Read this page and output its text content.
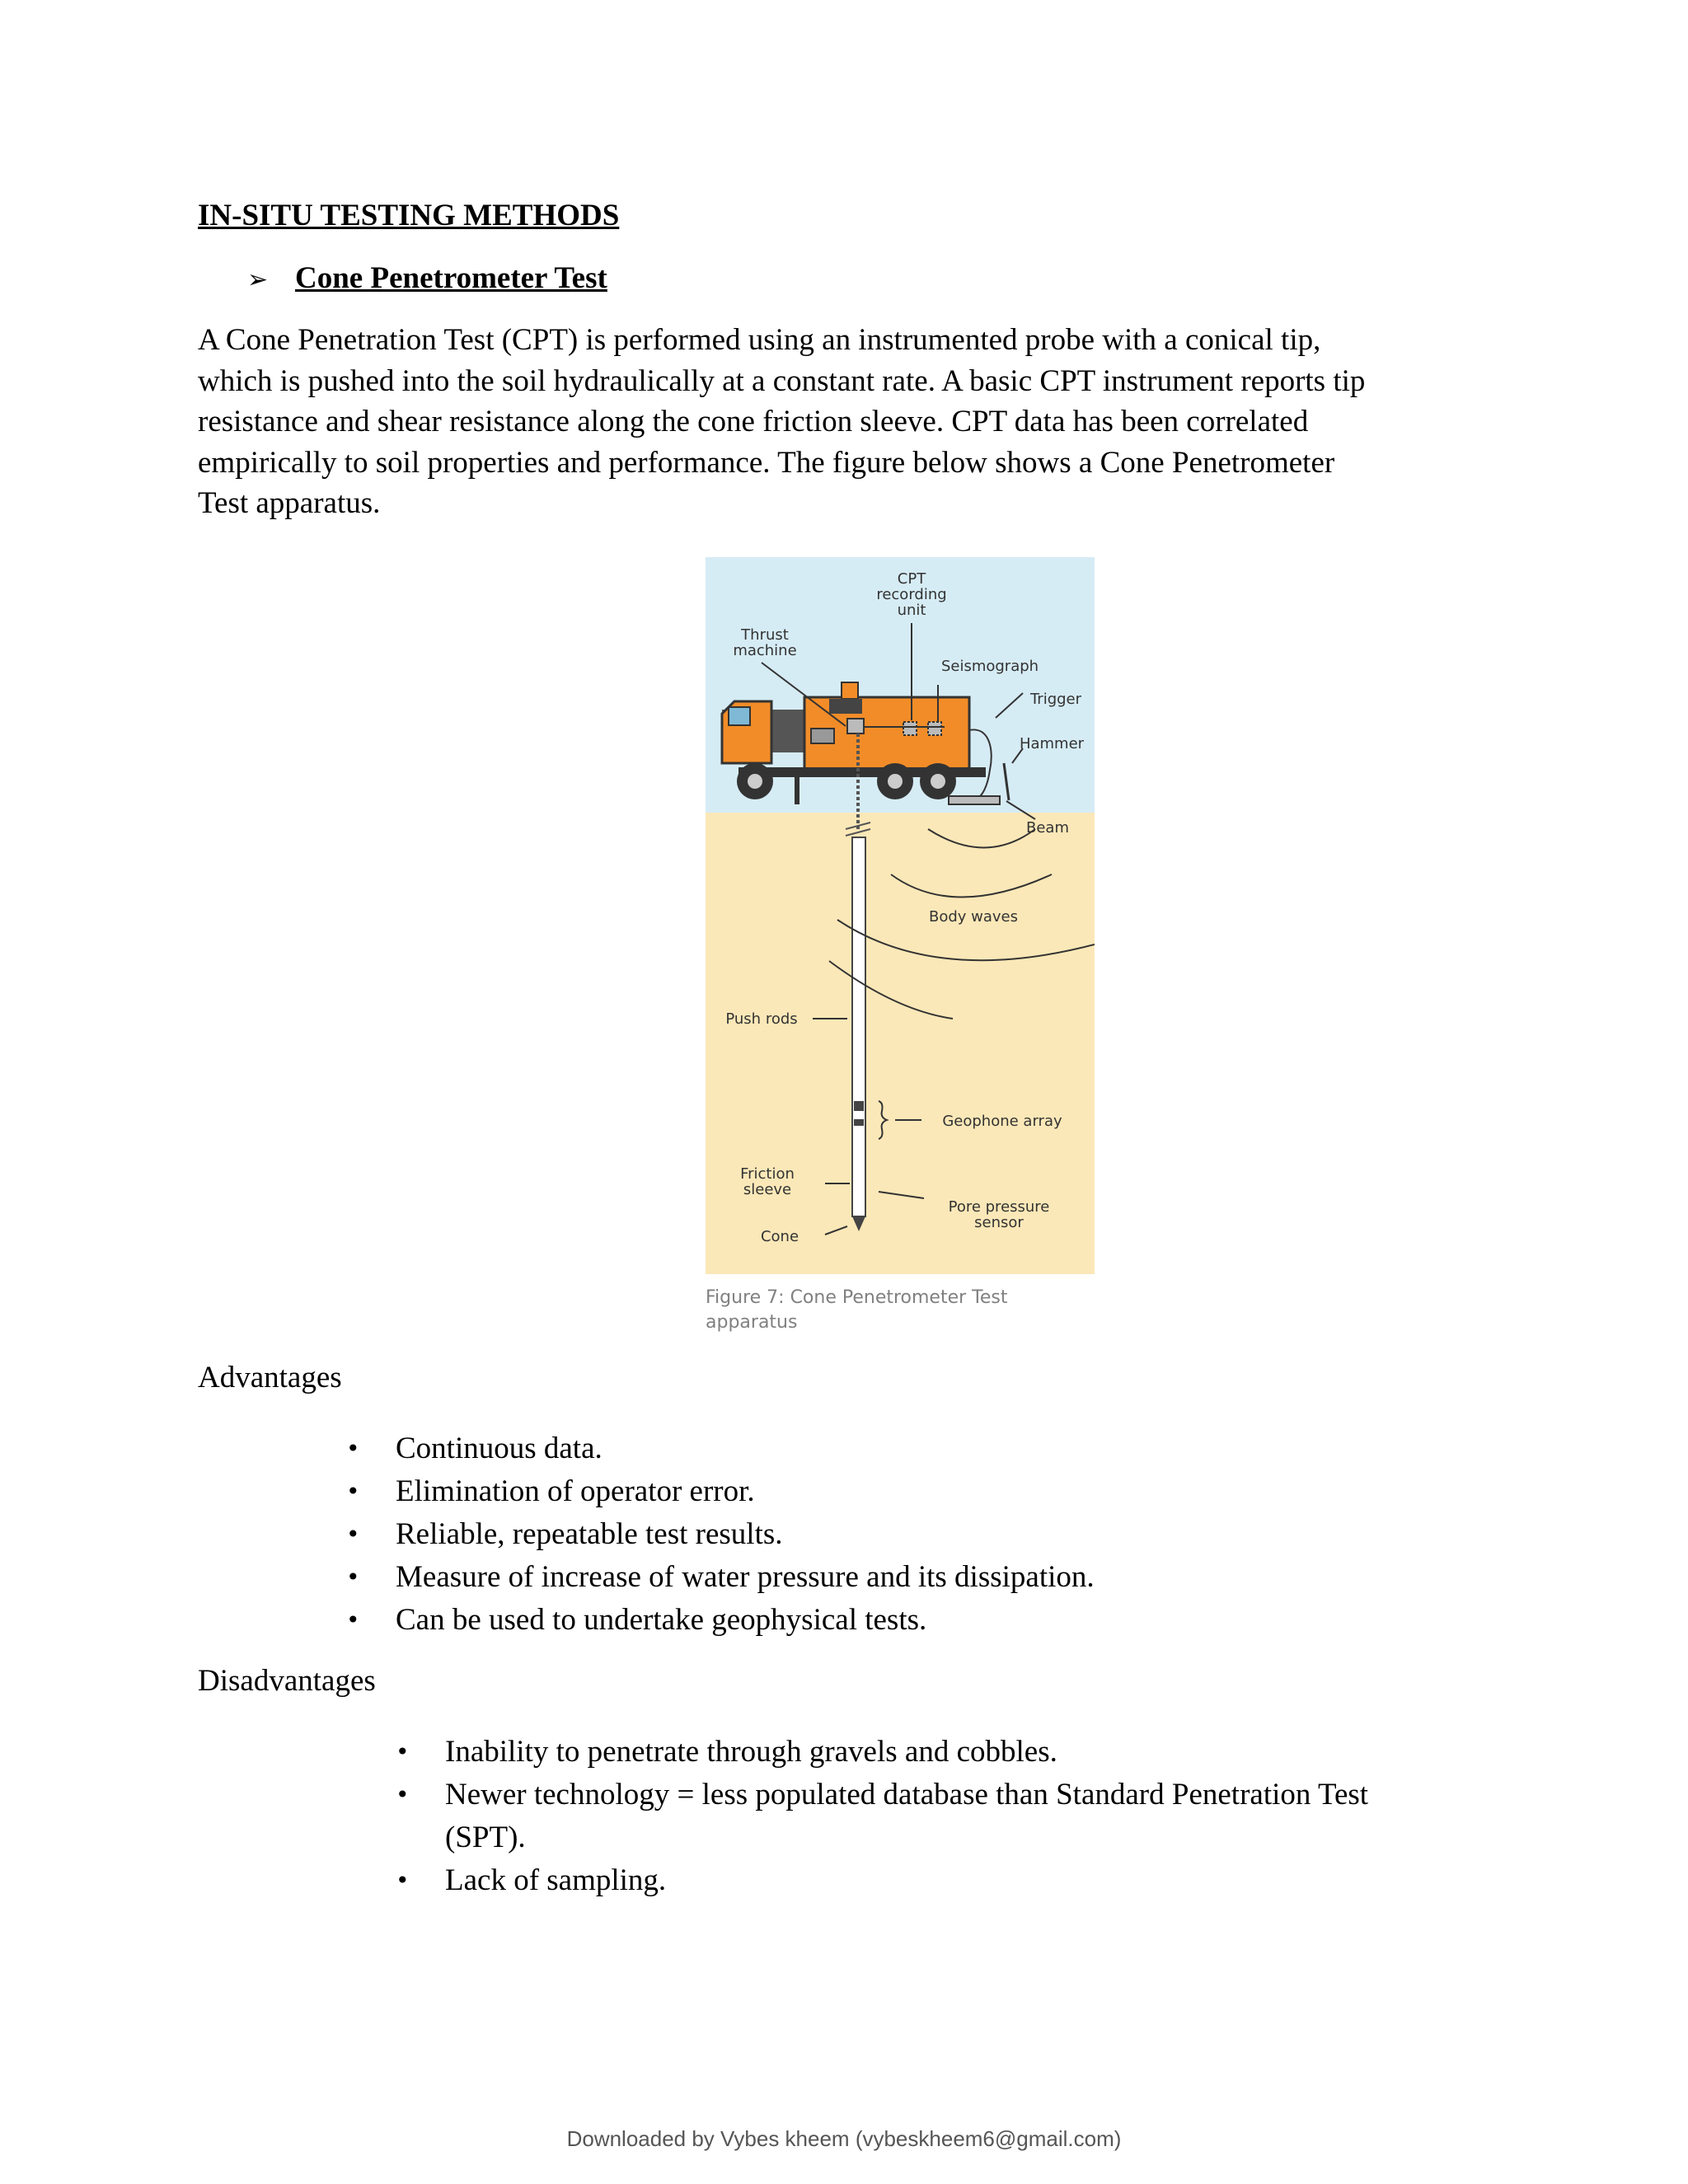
IN-SITU TESTING METHODS
➢ Cone Penetrometer Test
A Cone Penetration Test (CPT) is performed using an instrumented probe with a conical tip,
which is pushed into the soil hydraulically at a constant rate. A basic CPT instrument reports tip
resistance and shear resistance along the cone friction sleeve. CPT data has been correlated
empirically to soil properties and performance. The figure below shows a Cone Penetrometer
Test apparatus.
CPT
recording
unit
Thrust
machine
Seismograph
Trigger
Hammer
Beam
Body waves
Push rods
Geophone array
Friction
sleeve
Pore pressure
sensor
Cone
Figure 7: Cone Penetrometer Test
apparatus
Advantages
• Continuous data.
• Elimination of operator error.
• Reliable, repeatable test results.
• Measure of increase of water pressure and its dissipation.
• Can be used to undertake geophysical tests.
Disadvantages
• Inability to penetrate through gravels and cobbles.
• Newer technology = less populated database than Standard Penetration Test
(SPT).
• Lack of sampling.
Downloaded by Vybes kheem (vybeskheem6@gmail.com)
